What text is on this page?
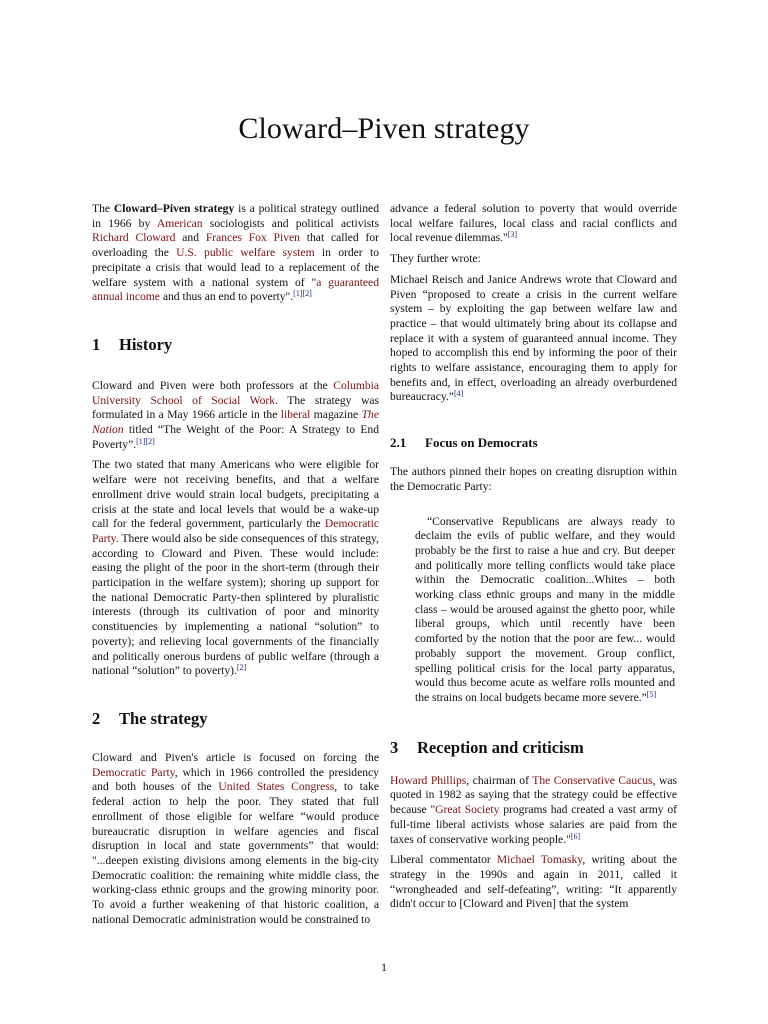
Cloward–Piven strategy

The Cloward–Piven strategy is a political strategy outlined in 1966 by American sociologists and political activists Richard Cloward and Frances Fox Piven that called for overloading the U.S. public welfare system in order to precipitate a crisis that would lead to a replacement of the welfare system with a national system of "a guaranteed annual income and thus an end to poverty".[1][2]

1 History

Cloward and Piven were both professors at the Columbia University School of Social Work. The strategy was formulated in a May 1966 article in the liberal magazine The Nation titled “The Weight of the Poor: A Strategy to End Poverty”.[1][2]

The two stated that many Americans who were eligible for welfare were not receiving benefits, and that a welfare enrollment drive would strain local budgets, precipitating a crisis at the state and local levels that would be a wake-up call for the federal government, particularly the Democratic Party. There would also be side consequences of this strategy, according to Cloward and Piven. These would include: easing the plight of the poor in the short-term (through their participation in the welfare system); shoring up support for the national Democratic Party-then splintered by pluralistic interests (through its cultivation of poor and minority constituencies by implementing a national “solution” to poverty); and relieving local governments of the financially and politically onerous burdens of public welfare (through a national “solution” to poverty).[2]

2 The strategy

Cloward and Piven's article is focused on forcing the Democratic Party, which in 1966 controlled the presidency and both houses of the United States Congress, to take federal action to help the poor. They stated that full enrollment of those eligible for welfare “would produce bureaucratic disruption in welfare agencies and fiscal disruption in local and state governments” that would: "...deepen existing divisions among elements in the big-city Democratic coalition: the remaining white middle class, the working-class ethnic groups and the growing minority poor. To avoid a further weakening of that historic coalition, a national Democratic administration would be constrained to

advance a federal solution to poverty that would override local welfare failures, local class and racial conflicts and local revenue dilemmas."[3]

They further wrote:

Michael Reisch and Janice Andrews wrote that Cloward and Piven “proposed to create a crisis in the current welfare system – by exploiting the gap between welfare law and practice – that would ultimately bring about its collapse and replace it with a system of guaranteed annual income. They hoped to accomplish this end by informing the poor of their rights to welfare assistance, encouraging them to apply for benefits and, in effect, overloading an already overburdened bureaucracy.”[4]

2.1 Focus on Democrats

The authors pinned their hopes on creating disruption within the Democratic Party:

“Conservative Republicans are always ready to declaim the evils of public welfare, and they would probably be the first to raise a hue and cry. But deeper and politically more telling conflicts would take place within the Democratic coalition...Whites – both working class ethnic groups and many in the middle class – would be aroused against the ghetto poor, while liberal groups, which until recently have been comforted by the notion that the poor are few... would probably support the movement. Group conflict, spelling political crisis for the local party apparatus, would thus become acute as welfare rolls mounted and the strains on local budgets became more severe.”[5]

3 Reception and criticism

Howard Phillips, chairman of The Conservative Caucus, was quoted in 1982 as saying that the strategy could be effective because "Great Society programs had created a vast army of full-time liberal activists whose salaries are paid from the taxes of conservative working people."[6]

Liberal commentator Michael Tomasky, writing about the strategy in the 1990s and again in 2011, called it “wrongheaded and self-defeating”, writing: “It apparently didn't occur to [Cloward and Piven] that the system

1
